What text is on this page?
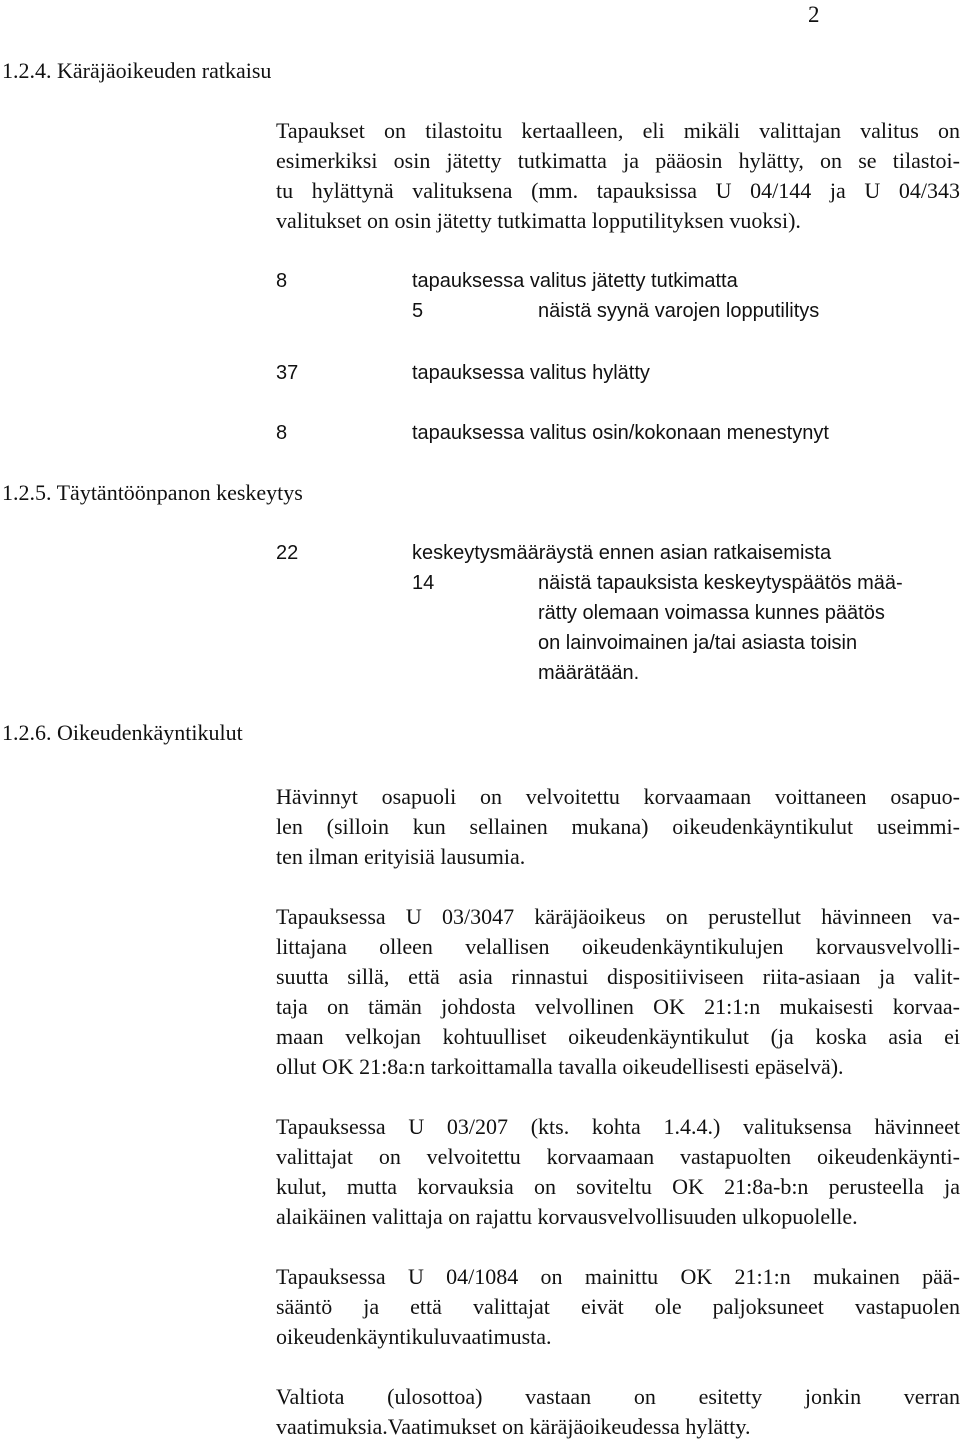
2
1.2.4. Käräjäoikeuden ratkaisu
1.2.5. Täytäntöönpanon keskeytys
1.2.6. Oikeudenkäyntikulut
Tapaukset on tilastoitu kertaalleen, eli mikäli valittajan valitus on
esimerkiksi osin jätetty tutkimatta ja pääosin hylätty, on se tilastoi-
tu hylättynä valituksena (mm. tapauksissa U 04/144 ja U 04/343
valitukset on osin jätetty tutkimatta lopputilityksen vuoksi).
8	tapauksessa valitus jätetty tutkimatta
5	näistä syynä varojen lopputilitys
37	tapauksessa valitus hylätty
8	tapauksessa valitus osin/kokonaan menestynyt
22	keskeytysmääräystä ennen asian ratkaisemista
14	näistä tapauksista keskeytyspäätös mää-
rätty olemaan voimassa kunnes päätös
on lainvoimainen ja/tai asiasta toisin
määrätään.
Hävinnyt osapuoli on velvoitettu korvaamaan voittaneen osapuo-
len (silloin kun sellainen mukana) oikeudenkäyntikulut useimmi-
ten ilman erityisiä lausumia.
Tapauksessa U 03/3047 käräjäoikeus on perustellut hävinneen va-
littajana olleen velallisen oikeudenkäyntikulujen korvausvelvolli-
suutta sillä, että asia rinnastui dispositiiviseen riita-asiaan ja valit-
taja on tämän johdosta velvollinen OK 21:1:n mukaisesti korvaa-
maan velkojan kohtuulliset oikeudenkäyntikulut (ja koska asia ei
ollut OK 21:8a:n tarkoittamalla tavalla oikeudellisesti epäselvä).
Tapauksessa U 03/207 (kts. kohta 1.4.4.) valituksensa hävinneet
valittajat on velvoitettu korvaamaan vastapuolten oikeudenkäynti-
kulut, mutta korvauksia on soviteltu OK 21:8a-b:n perusteella ja
alaikäinen valittaja on rajattu korvausvelvollisuuden ulkopuolelle.
Tapauksessa U 04/1084 on mainittu OK 21:1:n mukainen pää-
sääntö ja että valittajat eivät ole paljoksuneet vastapuolen
oikeudenkäyntikuluvaatimusta.
Valtiota (ulosottoa) vastaan on esitetty jonkin verran
vaatimuksia.Vaatimukset on käräjäoikeudessa hylätty.
